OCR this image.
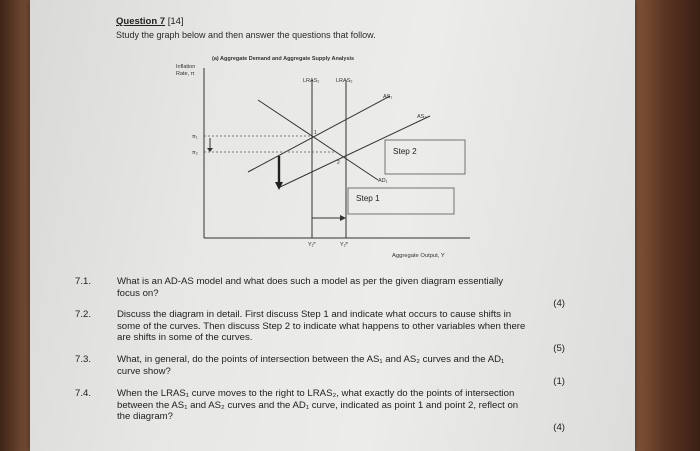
Question 7 [14]
Study the graph below and then answer the questions that follow.
(a) Aggregate Demand and Aggregate Supply Analysis
Inflation
Rate, π
LRAS₁	LRAS₂
AS₁
AS₂
AD₁
π₁
π₂
1
2
Y₁ᴾ	Y₂ᴾ
Step 2
Step 1
Aggregate Output, Y
7.1.	What is an AD-AS model and what does such a model as per the given diagram essentially focus on?
(4)
7.2.	Discuss the diagram in detail. First discuss Step 1 and indicate what occurs to cause shifts in some of the curves. Then discuss Step 2 to indicate what happens to other variables when there are shifts in some of the curves.
(5)
7.3.	What, in general, do the points of intersection between the AS₁ and AS₂ curves and the AD₁ curve show?
(1)
7.4.	When the LRAS₁ curve moves to the right to LRAS₂, what exactly do the points of intersection between the AS₁ and AS₂ curves and the AD₁ curve, indicated as point 1 and point 2, reflect on the diagram?
(4)
